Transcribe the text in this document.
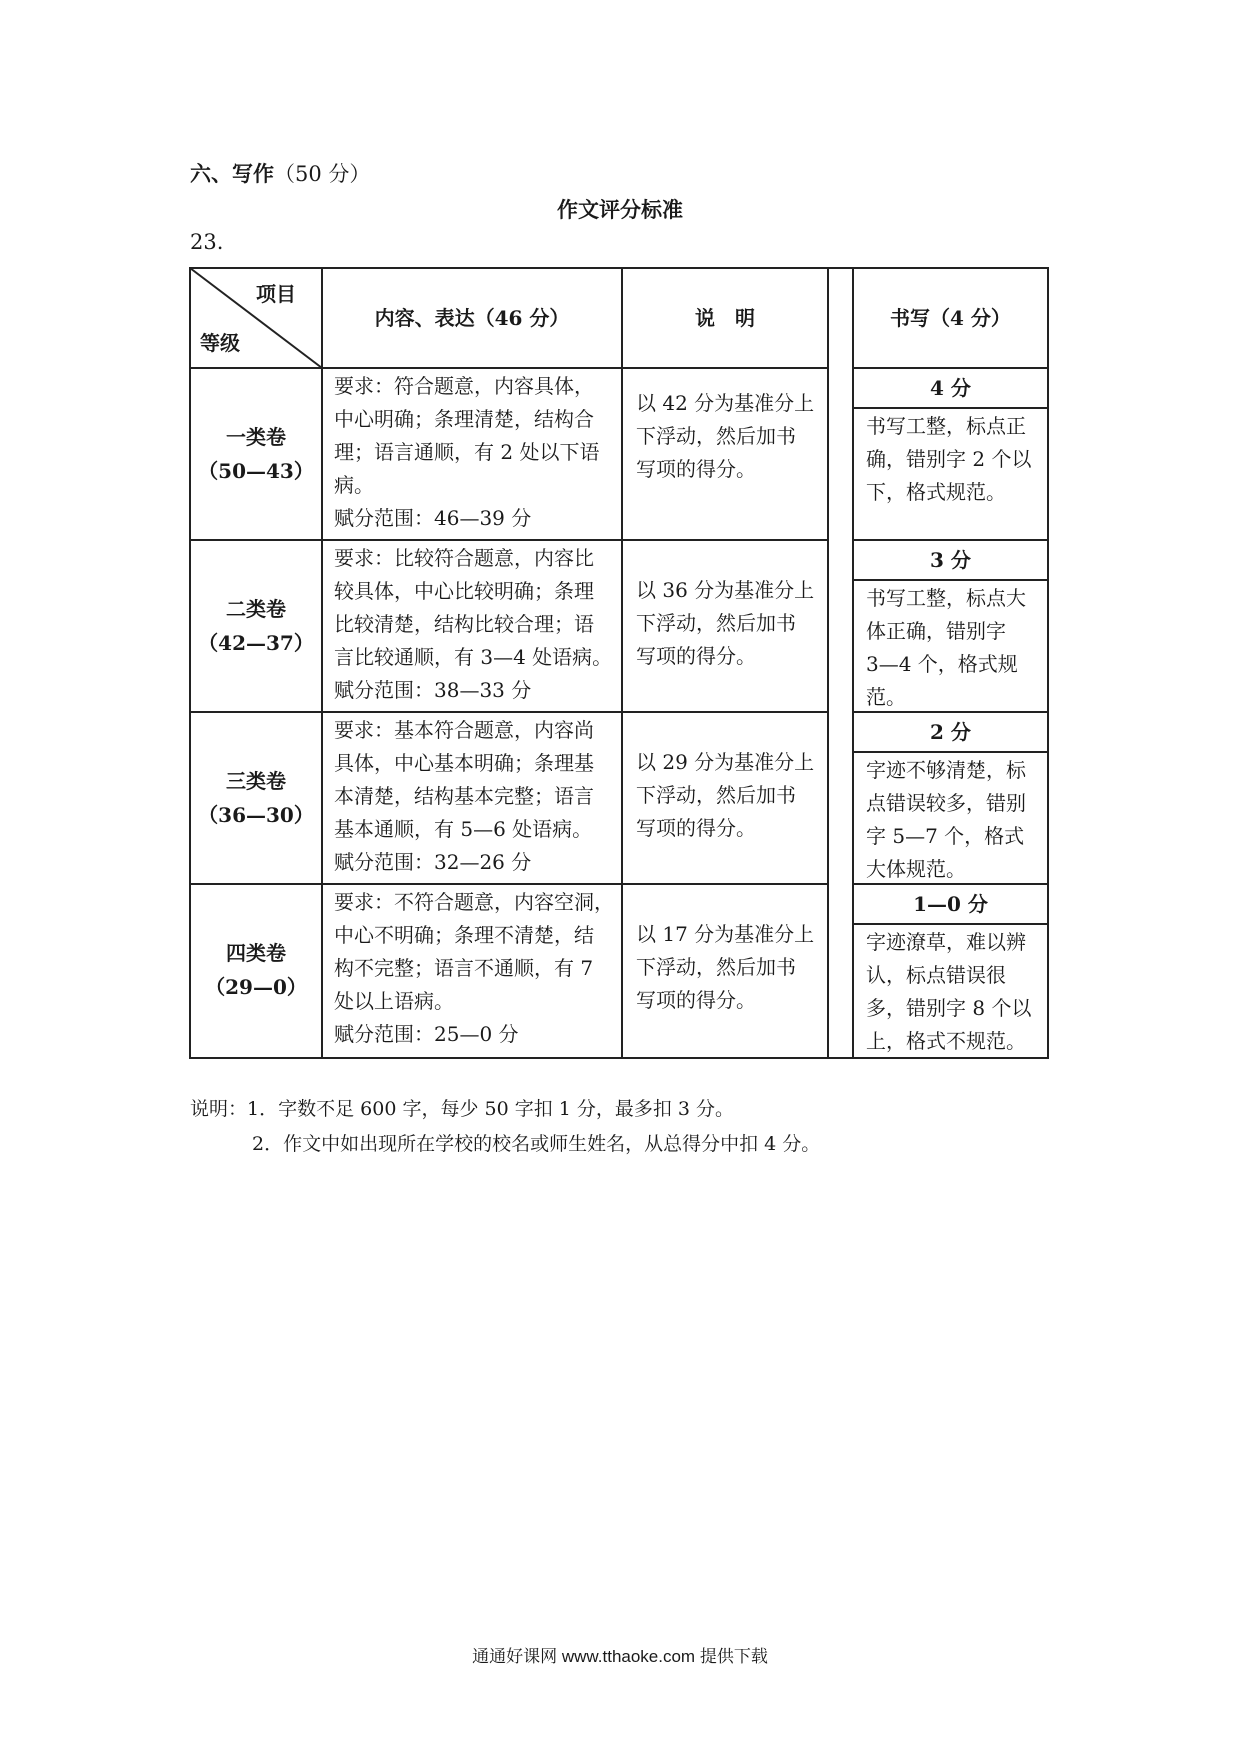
六、写作（50 分）
作文评分标准
23.
项目
等级
内容、表达（46 分）	说　明	书写（4 分）
一类卷
（50—43）
要求：符合题意，内容具体，
中心明确；条理清楚，结构合
理；语言通顺，有 2 处以下语
病。
赋分范围：46—39 分
以 42 分为基准分上
下浮动，然后加书
写项的得分。
4 分
书写工整，标点正
确，错别字 2 个以
下，格式规范。
二类卷
（42—37）
要求：比较符合题意，内容比
较具体，中心比较明确；条理
比较清楚，结构比较合理；语
言比较通顺，有 3—4 处语病。
赋分范围：38—33 分
以 36 分为基准分上
下浮动，然后加书
写项的得分。
3 分
书写工整，标点大
体正确，错别字
3—4 个，格式规
范。
三类卷
（36—30）
要求：基本符合题意，内容尚
具体，中心基本明确；条理基
本清楚，结构基本完整；语言
基本通顺，有 5—6 处语病。
赋分范围：32—26 分
以 29 分为基准分上
下浮动，然后加书
写项的得分。
2 分
字迹不够清楚，标
点错误较多，错别
字 5—7 个，格式
大体规范。
四类卷
（29—0）
要求：不符合题意，内容空洞，
中心不明确；条理不清楚，结
构不完整；语言不通顺，有 7
处以上语病。
赋分范围：25—0 分
以 17 分为基准分上
下浮动，然后加书
写项的得分。
1—0 分
字迹潦草，难以辨
认，标点错误很
多，错别字 8 个以
上，格式不规范。
说明：1．字数不足 600 字，每少 50 字扣 1 分，最多扣 3 分。
2．作文中如出现所在学校的校名或师生姓名，从总得分中扣 4 分。
通通好课网 www.tthaoke.com 提供下载
